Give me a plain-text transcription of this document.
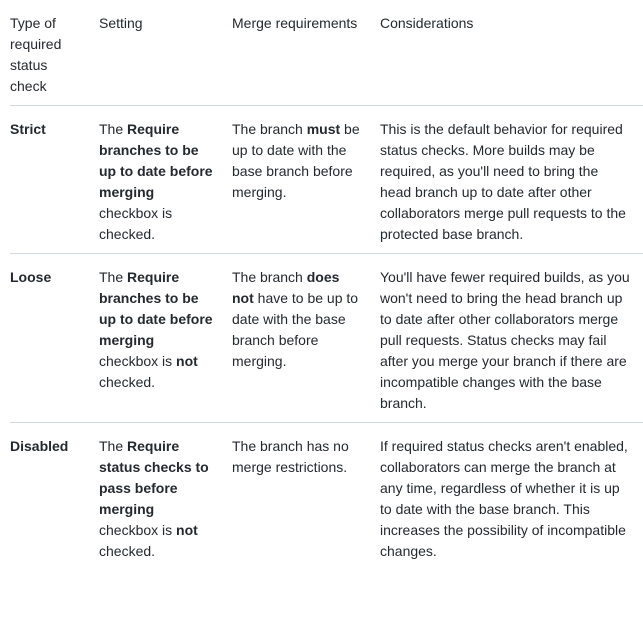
Type of required status check	Setting	Merge requirements	Considerations
Strict	The Require branches to be up to date before merging checkbox is checked.	The branch must be up to date with the base branch before merging.	This is the default behavior for required status checks. More builds may be required, as you'll need to bring the head branch up to date after other collaborators merge pull requests to the protected base branch.
Loose	The Require branches to be up to date before merging checkbox is not checked.	The branch does not have to be up to date with the base branch before merging.	You'll have fewer required builds, as you won't need to bring the head branch up to date after other collaborators merge pull requests. Status checks may fail after you merge your branch if there are incompatible changes with the base branch.
Disabled	The Require status checks to pass before merging checkbox is not checked.	The branch has no merge restrictions.	If required status checks aren't enabled, collaborators can merge the branch at any time, regardless of whether it is up to date with the base branch. This increases the possibility of incompatible changes.
